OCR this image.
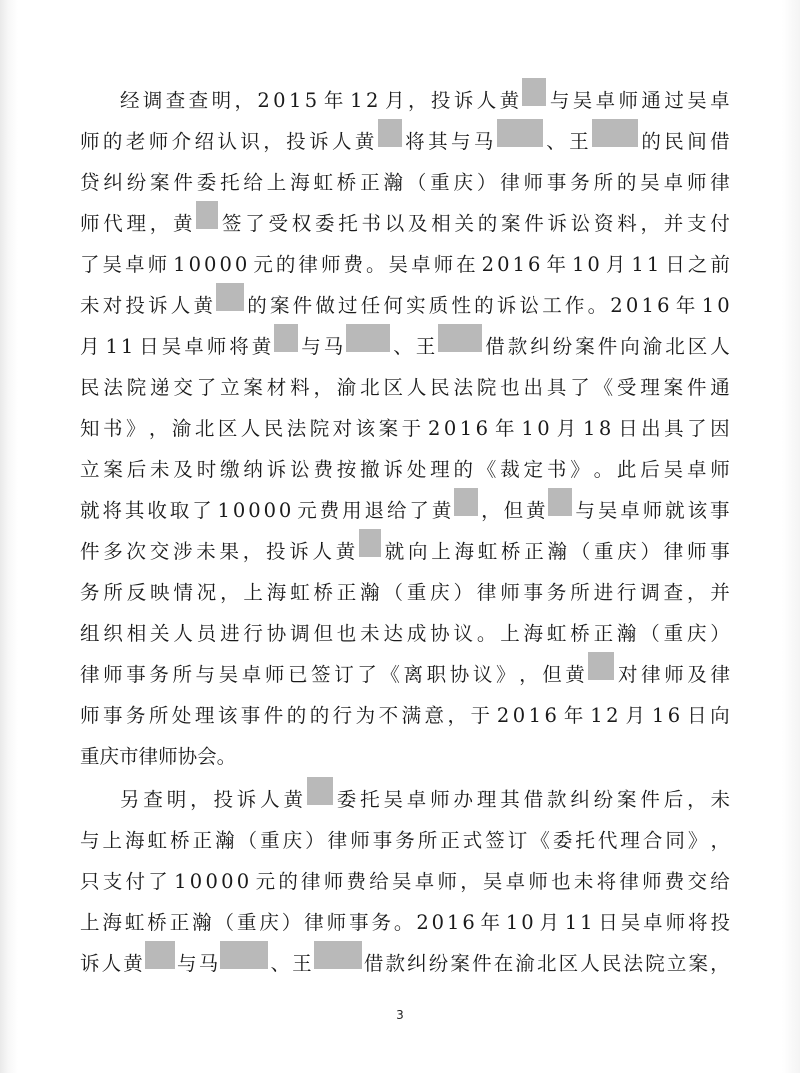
经 调 查 查 明 ， 2 0 1 5 年 1 2 月 ， 投 诉 人 黄 与 吴 卓 师 通 过 吴 卓
师 的 老 师 介 绍 认 识 ， 投 诉 人 黄 将 其 与 马	、 王	的 民 间 借
贷 纠 纷 案 件 委 托 给 上 海 虹 桥 正 瀚 （ 重 庆 ） 律 师 事 务 所 的 吴 卓 师 律
师 代 理 ， 黄 签 了 受 权 委 托 书 以 及 相 关 的 案 件 诉 讼 资 料 ， 并 支 付
了 吴 卓 师 1 0 0 0 0 元 的 律 师 费 。 吴 卓 师 在 2 0 1 6 年 1 0 月 1 1 日 之 前
未 对 投 诉 人 黄 的 案 件 做 过 任 何 实 质 性 的 诉 讼 工 作 。 2 0 1 6 年 1 0
月 1 1 日 吴 卓 师 将 黄 与 马	、 王	借 款 纠 纷 案 件 向 渝 北 区 人
民 法 院 递 交 了 立 案 材 料 ， 渝 北 区 人 民 法 院 也 出 具 了 《 受 理 案 件 通
知 书 》 ， 渝 北 区 人 民 法 院 对 该 案 于 2 0 1 6 年 1 0 月 1 8 日 出 具 了 因
立 案 后 未 及 时 缴 纳 诉 讼 费 按 撤 诉 处 理 的 《 裁 定 书 》 。 此 后 吴 卓 师
就 将 其 收 取 了 1 0 0 0 0 元 费 用 退 给 了 黄 ， 但 黄 与 吴 卓 师 就 该 事
件 多 次 交 涉 未 果 ， 投 诉 人 黄 就 向 上 海 虹 桥 正 瀚 （ 重 庆 ） 律 师 事
务 所 反 映 情 况 ， 上 海 虹 桥 正 瀚 （ 重 庆 ） 律 师 事 务 所 进 行 调 查 ， 并
组 织 相 关 人 员 进 行 协 调 但 也 未 达 成 协 议 。 上 海 虹 桥 正 瀚 （ 重 庆 ）
律 师 事 务 所 与 吴 卓 师 已 签 订 了 《 离 职 协 议 》 ， 但 黄 对 律 师 及 律
师 事 务 所 处 理 该 事 件 的 的 行 为 不 满 意 ， 于 2 0 1 6 年 1 2 月 1 6 日 向
重 庆 市 律 师 协 会 。
另 查 明 ， 投 诉 人 黄 委 托 吴 卓 师 办 理 其 借 款 纠 纷 案 件 后 ， 未
与 上 海 虹 桥 正 瀚 （ 重 庆 ） 律 师 事 务 所 正 式 签 订 《 委 托 代 理 合 同 》 ，
只 支 付 了 1 0 0 0 0 元 的 律 师 费 给 吴 卓 师 ， 吴 卓 师 也 未 将 律 师 费 交 给
上 海 虹 桥 正 瀚 （ 重 庆 ） 律 师 事 务 。 2 0 1 6 年 1 0 月 1 1 日 吴 卓 师 将 投
诉 人 黄 与 马	、 王	借 款 纠 纷 案 件 在 渝 北 区 人 民 法 院 立 案 ，
3
